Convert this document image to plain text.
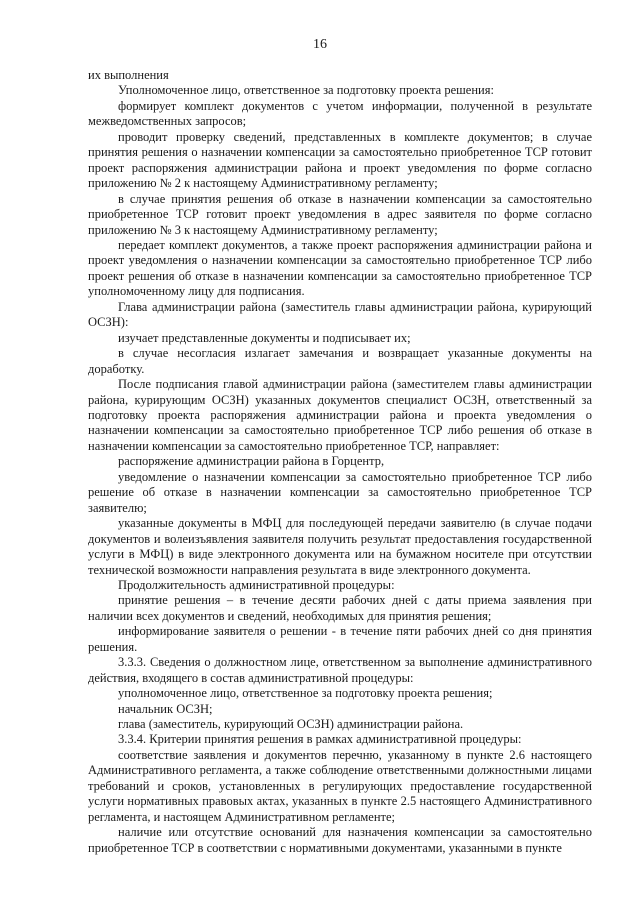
16

их выполнения

Уполномоченное лицо, ответственное за подготовку проекта решения:

формирует комплект документов с учетом информации, полученной в результате межведомственных запросов;

проводит проверку сведений, представленных в комплекте документов; в случае принятия решения о назначении компенсации за самостоятельно приобретенное ТСР готовит проект распоряжения администрации района и проект уведомления по форме согласно приложению № 2 к настоящему Административному регламенту;

в случае принятия решения об отказе в назначении компенсации за самостоятельно приобретенное ТСР готовит проект уведомления в адрес заявителя по форме согласно приложению № 3 к настоящему Административному регламенту;

передает комплект документов, а также проект распоряжения администрации района и проект уведомления о назначении компенсации за самостоятельно приобретенное ТСР либо проект решения об отказе в назначении компенсации за самостоятельно приобретенное ТСР уполномоченному лицу для подписания.

Глава администрации района (заместитель главы администрации района, курирующий ОСЗН):

изучает представленные документы и подписывает их;

в случае несогласия излагает замечания и возвращает указанные документы на доработку.

После подписания главой администрации района (заместителем главы администрации района, курирующим ОСЗН) указанных документов специалист ОСЗН, ответственный за подготовку проекта распоряжения администрации района и проекта уведомления о назначении компенсации за самостоятельно приобретенное ТСР либо решения об отказе в назначении компенсации за самостоятельно приобретенное ТСР, направляет:

распоряжение администрации района в Горцентр,

уведомление о назначении компенсации за самостоятельно приобретенное ТСР либо решение об отказе в назначении компенсации за самостоятельно приобретенное ТСР заявителю;

указанные документы в МФЦ для последующей передачи заявителю (в случае подачи документов и волеизъявления заявителя получить результат предоставления государственной услуги в МФЦ) в виде электронного документа или на бумажном носителе при отсутствии технической возможности направления результата в виде электронного документа.

Продолжительность административной процедуры:

принятие решения – в течение десяти рабочих дней с даты приема заявления при наличии всех документов и сведений, необходимых для принятия решения;

информирование заявителя о решении - в течение пяти рабочих дней со дня принятия решения.

3.3.3. Сведения о должностном лице, ответственном за выполнение административного действия, входящего в состав административной процедуры:

уполномоченное лицо, ответственное за подготовку проекта решения;

начальник ОСЗН;

глава (заместитель, курирующий ОСЗН) администрации района.

3.3.4. Критерии принятия решения в рамках административной процедуры:

соответствие заявления и документов перечню, указанному в пункте 2.6 настоящего Административного регламента, а также соблюдение ответственными должностными лицами требований и сроков, установленных в регулирующих предоставление государственной услуги нормативных правовых актах, указанных в пункте 2.5 настоящего Административного регламента, и настоящем Административном регламенте;

наличие или отсутствие оснований для назначения компенсации за самостоятельно приобретенное ТСР в соответствии с нормативными документами, указанными в пункте
